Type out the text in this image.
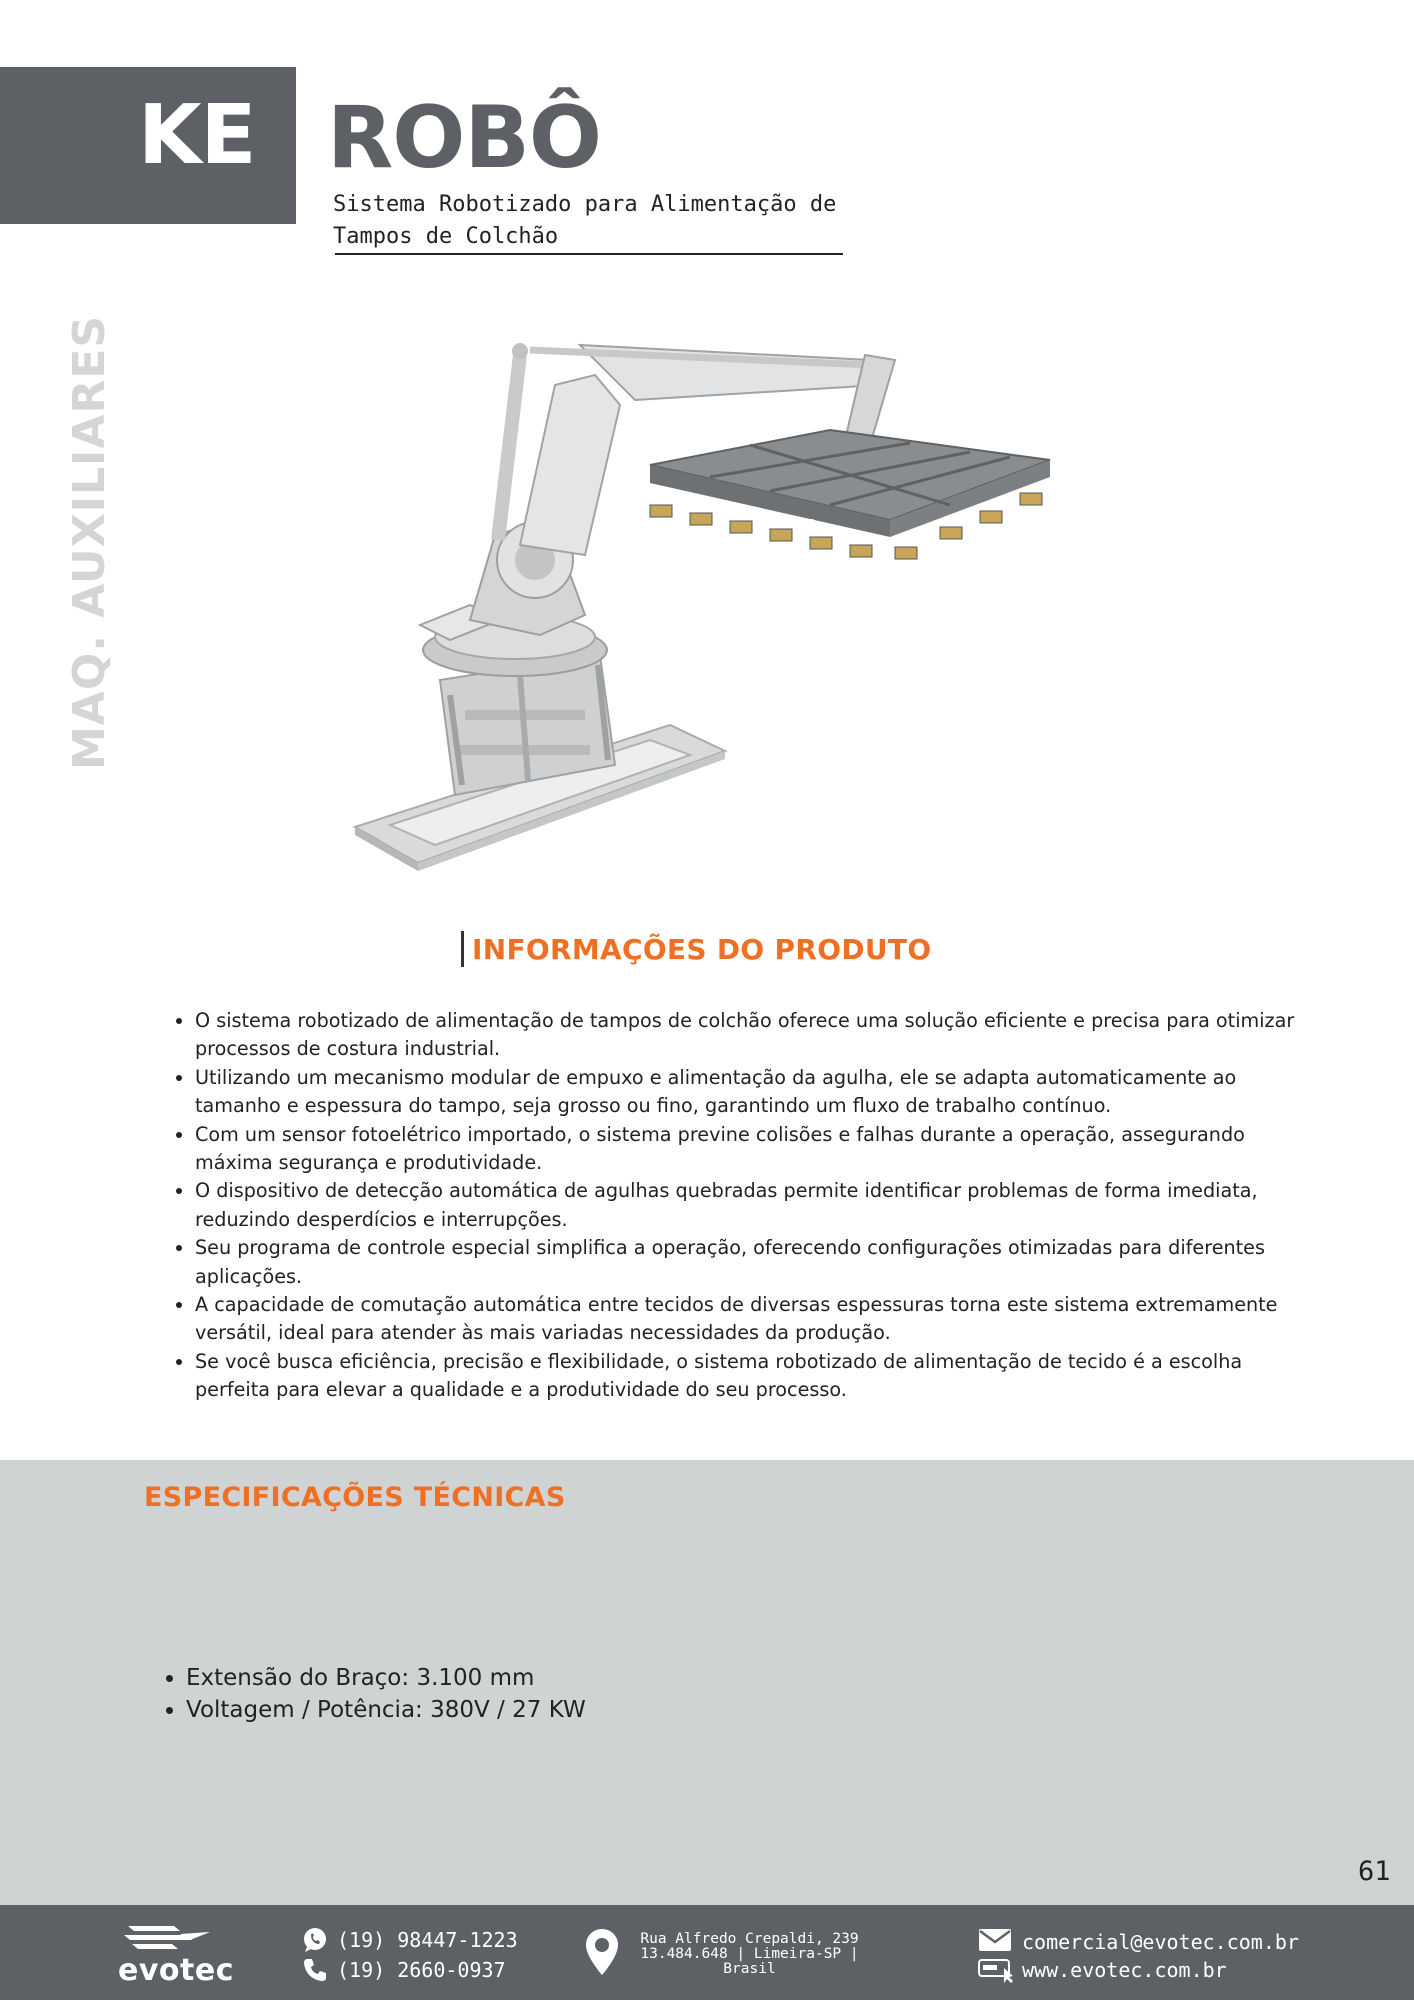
KE ROBÔ
Sistema Robotizado para Alimentação de
Tampos de Colchão
MAQ. AUXILIARES	evotec
INFORMAÇÕES DO PRODUTO
• O sistema robotizado de alimentação de tampos de colchão oferece uma solução eficiente e precisa para otimizar processos de costura industrial.
• Utilizando um mecanismo modular de empuxo e alimentação da agulha, ele se adapta automaticamente ao tamanho e espessura do tampo, seja grosso ou fino, garantindo um fluxo de trabalho contínuo.
• Com um sensor fotoelétrico importado, o sistema previne colisões e falhas durante a operação, assegurando máxima segurança e produtividade.
• O dispositivo de detecção automática de agulhas quebradas permite identificar problemas de forma imediata, reduzindo desperdícios e interrupções.
• Seu programa de controle especial simplifica a operação, oferecendo configurações otimizadas para diferentes aplicações.
• A capacidade de comutação automática entre tecidos de diversas espessuras torna este sistema extremamente versátil, ideal para atender às mais variadas necessidades da produção.
• Se você busca eficiência, precisão e flexibilidade, o sistema robotizado de alimentação de tecido é a escolha perfeita para elevar a qualidade e a produtividade do seu processo.
ESPECIFICAÇÕES TÉCNICAS
• Extensão do Braço: 3.100 mm
• Voltagem / Potência: 380V / 27 KW
61
evotec
(19) 98447-1223
(19) 2660-0937
Rua Alfredo Crepaldi, 239
13.484.648 | Limeira-SP |
Brasil
comercial@evotec.com.br
www.evotec.com.br
